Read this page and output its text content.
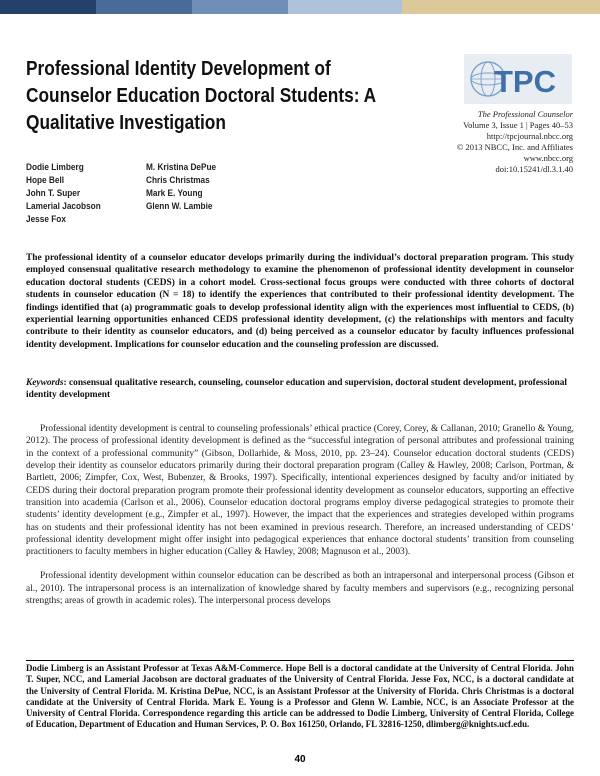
Professional Identity Development of Counselor Education Doctoral Students: A Qualitative Investigation
TPC
The Professional Counselor
Volume 3, Issue 1 | Pages 40–53
http://tpcjournal.nbcc.org
© 2013 NBCC, Inc. and Affiliates
www.nbcc.org
doi:10.15241/dl.3.1.40
Dodie Limberg
Hope Bell
John T. Super
Lamerial Jacobson
Jesse Fox
M. Kristina DePue
Chris Christmas
Mark E. Young
Glenn W. Lambie

The professional identity of a counselor educator develops primarily during the individual’s doctoral preparation program. This study employed consensual qualitative research methodology to examine the phenomenon of professional identity development in counselor education doctoral students (CEDS) in a cohort model. Cross-sectional focus groups were conducted with three cohorts of doctoral students in counselor education (N = 18) to identify the experiences that contributed to their professional identity development. The findings identified that (a) programmatic goals to develop professional identity align with the experiences most influential to CEDS, (b) experiential learning opportunities enhanced CEDS professional identity development, (c) the relationships with mentors and faculty contribute to their identity as counselor educators, and (d) being perceived as a counselor educator by faculty influences professional identity development. Implications for counselor education and the counseling profession are discussed.

Keywords: consensual qualitative research, counseling, counselor education and supervision, doctoral student development, professional identity development

Professional identity development is central to counseling professionals’ ethical practice (Corey, Corey, & Callanan, 2010; Granello & Young, 2012). The process of professional identity development is defined as the “successful integration of personal attributes and professional training in the context of a professional community” (Gibson, Dollarhide, & Moss, 2010, pp. 23–24). Counselor education doctoral students (CEDS) develop their identity as counselor educators primarily during their doctoral preparation program (Calley & Hawley, 2008; Carlson, Portman, & Bartlett, 2006; Zimpfer, Cox, West, Bubenzer, & Brooks, 1997). Specifically, intentional experiences designed by faculty and/or initiated by CEDS during their doctoral preparation program promote their professional identity development as counselor educators, supporting an effective transition into academia (Carlson et al., 2006). Counselor education doctoral programs employ diverse pedagogical strategies to promote their students’ identity development (e.g., Zimpfer et al., 1997). However, the impact that the experiences and strategies developed within programs has on students and their professional identity has not been examined in previous research. Therefore, an increased understanding of CEDS’ professional identity development might offer insight into pedagogical experiences that enhance doctoral students’ transition from counseling practitioners to faculty members in higher education (Calley & Hawley, 2008; Magnuson et al., 2003).

Professional identity development within counselor education can be described as both an intrapersonal and interpersonal process (Gibson et al., 2010). The intrapersonal process is an internalization of knowledge shared by faculty members and supervisors (e.g., recognizing personal strengths; areas of growth in academic roles). The interpersonal process develops

Dodie Limberg is an Assistant Professor at Texas A&M-Commerce. Hope Bell is a doctoral candidate at the University of Central Florida. John T. Super, NCC, and Lamerial Jacobson are doctoral graduates of the University of Central Florida. Jesse Fox, NCC, is a doctoral candidate at the University of Central Florida. M. Kristina DePue, NCC, is an Assistant Professor at the University of Florida. Chris Christmas is a doctoral candidate at the University of Central Florida. Mark E. Young is a Professor and Glenn W. Lambie, NCC, is an Associate Professor at the University of Central Florida. Correspondence regarding this article can be addressed to Dodie Limberg, University of Central Florida, College of Education, Department of Education and Human Services, P. O. Box 161250, Orlando, FL 32816-1250, dlimberg@knights.ucf.edu.

40
